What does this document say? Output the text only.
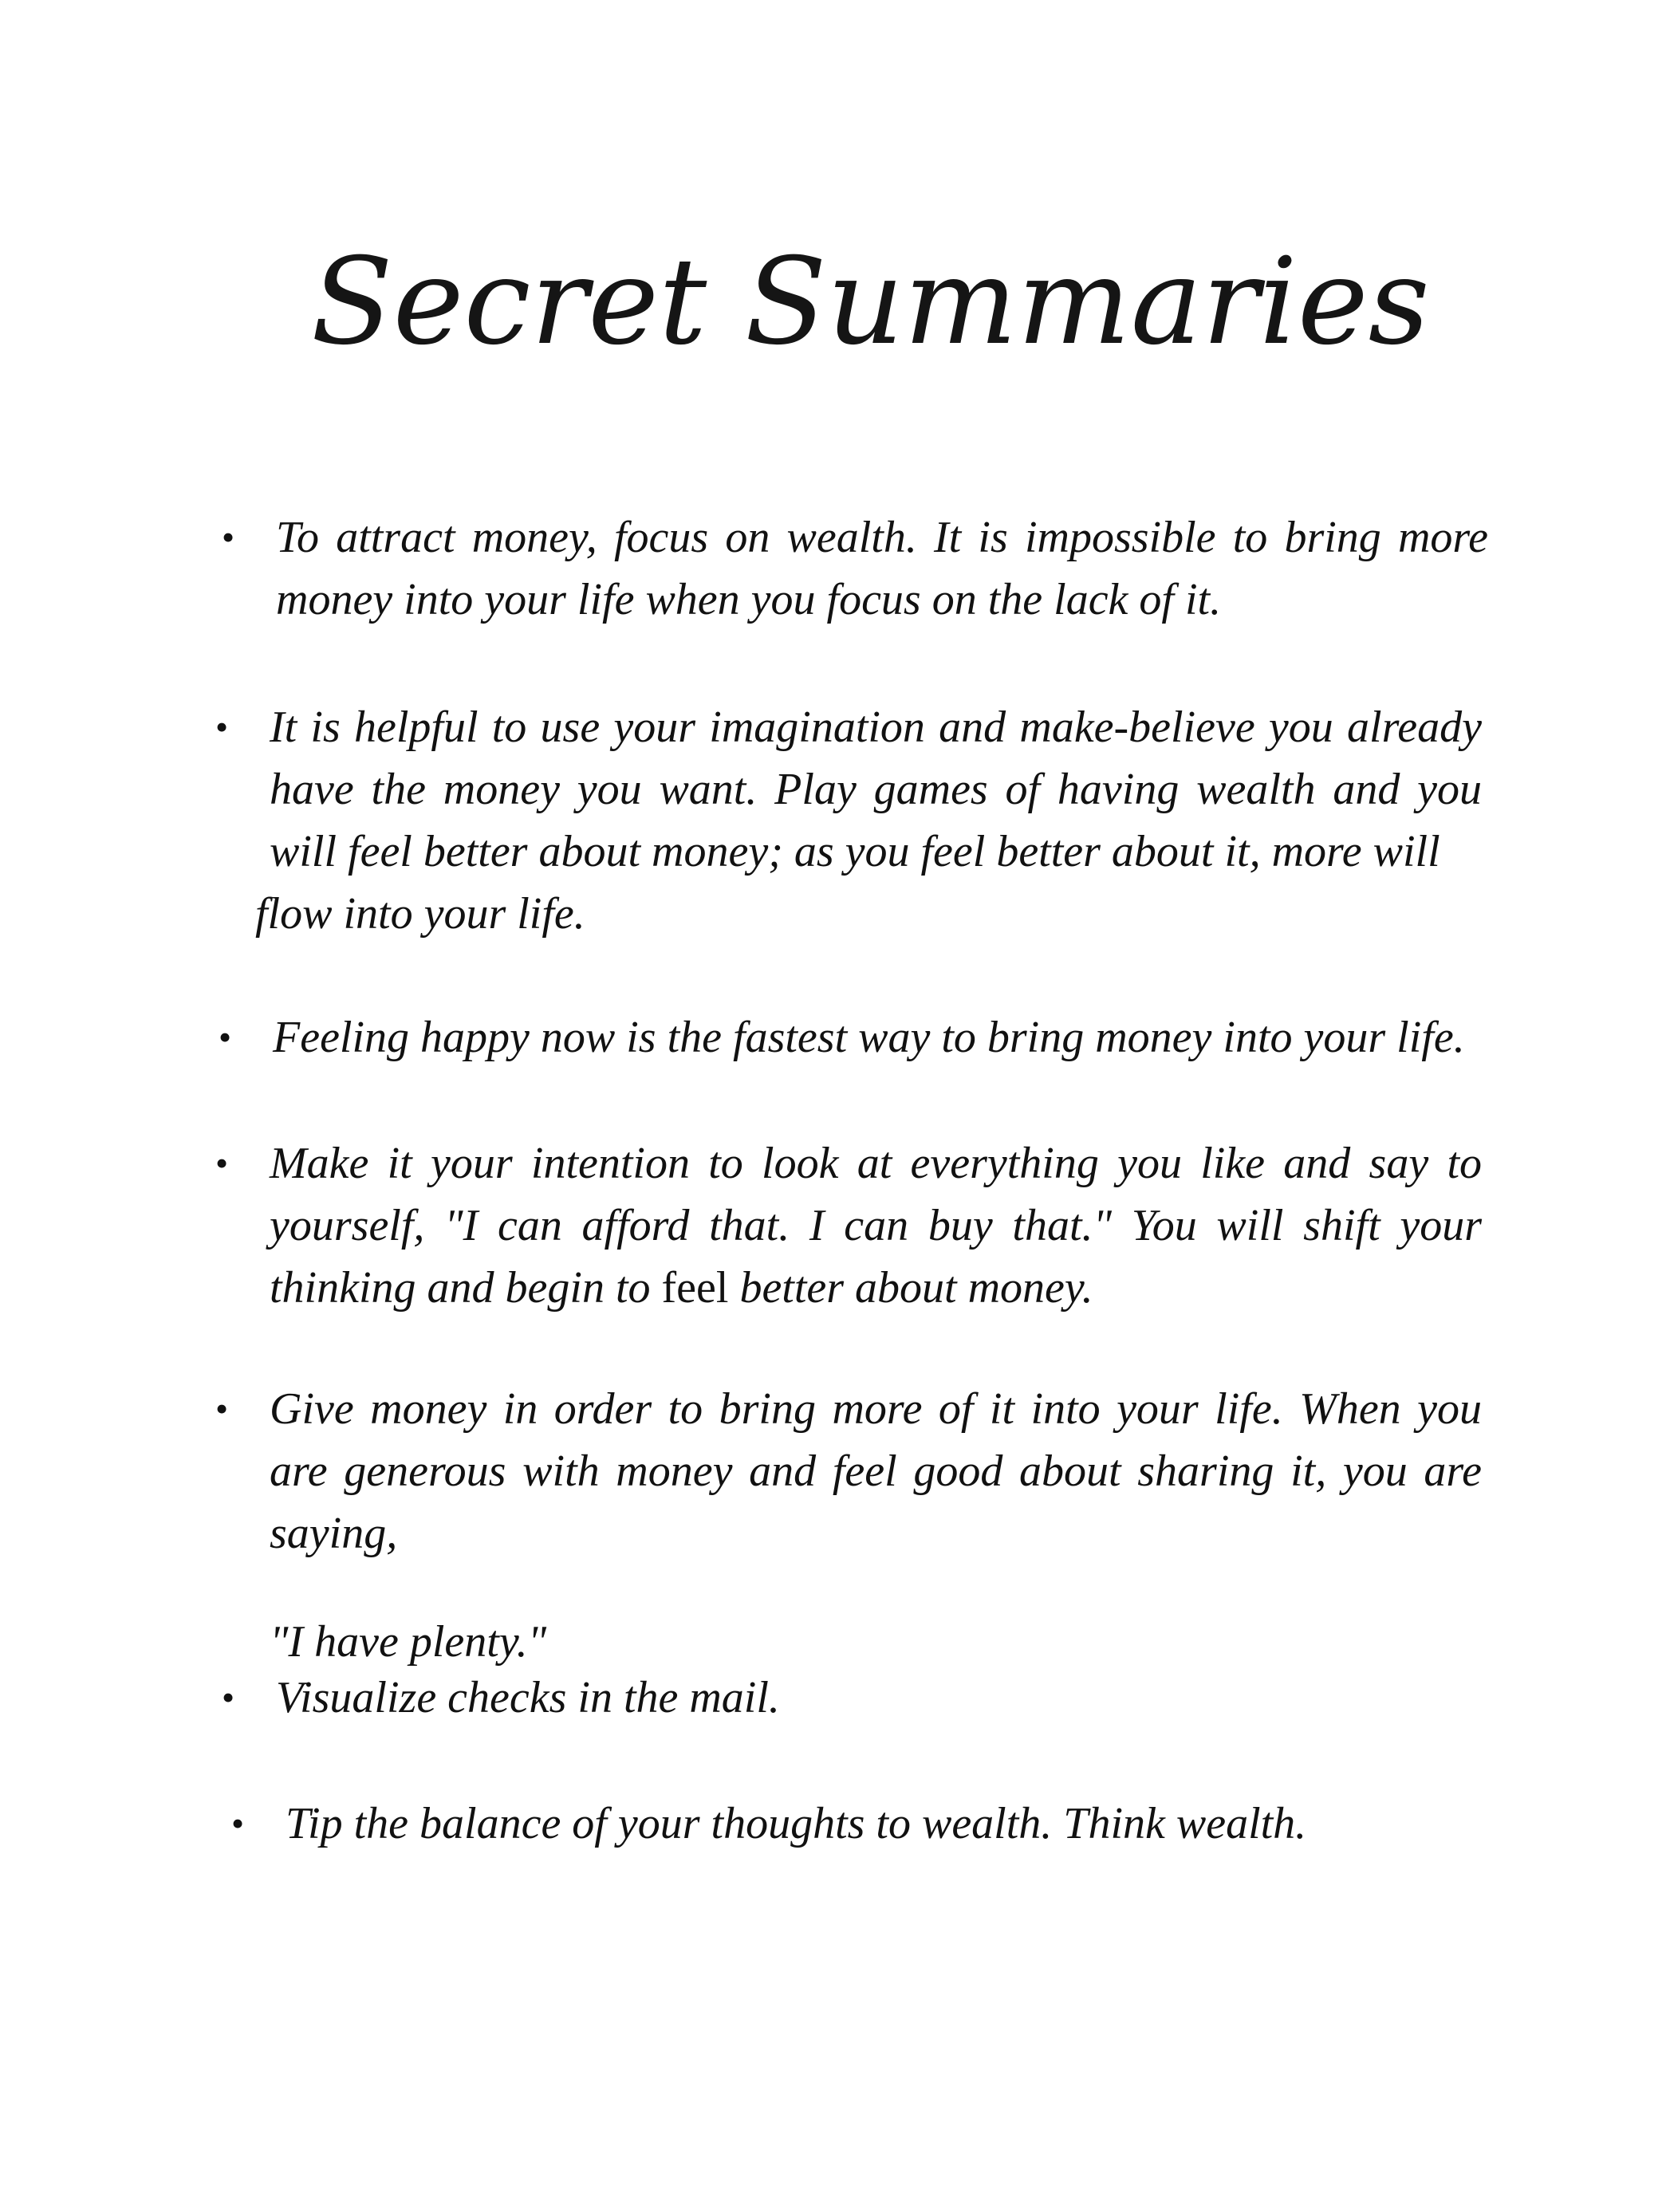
Secret Summaries
• To attract money, focus on wealth. It is impossible to bring more money into your life when you focus on the lack of it.
• It is helpful to use your imagination and make-believe you already have the money you want. Play games of having wealth and you will feel better about money; as you feel better about it, more will
flow into your life.
• Feeling happy now is the fastest way to bring money into your life.
• Make it your intention to look at everything you like and say to yourself, "I can afford that. I can buy that." You will shift your thinking and begin to feel better about money.
• Give money in order to bring more of it into your life. When you are generous with money and feel good about sharing it, you are saying,
"I have plenty."
• Visualize checks in the mail.
• Tip the balance of your thoughts to wealth. Think wealth.
